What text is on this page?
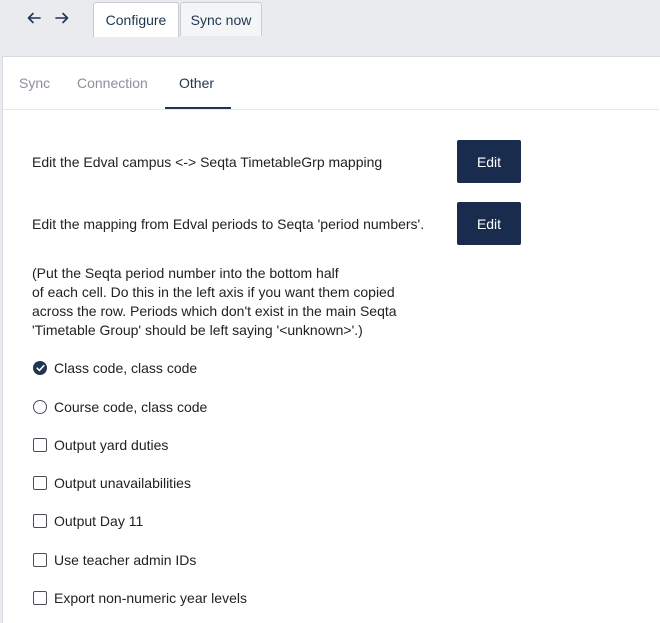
Configure	Sync now
Sync Connection Other
Edit the Edval campus <-> Seqta TimetableGrp mapping	Edit
Edit the mapping from Edval periods to Seqta 'period numbers'.	Edit
(Put the Seqta period number into the bottom half
of each cell. Do this in the left axis if you want them copied
across the row. Periods which don't exist in the main Seqta
'Timetable Group' should be left saying '<unknown>'.)
Class code, class code
Course code, class code
Output yard duties
Output unavailabilities
Output Day 11
Use teacher admin IDs
Export non-numeric year levels
